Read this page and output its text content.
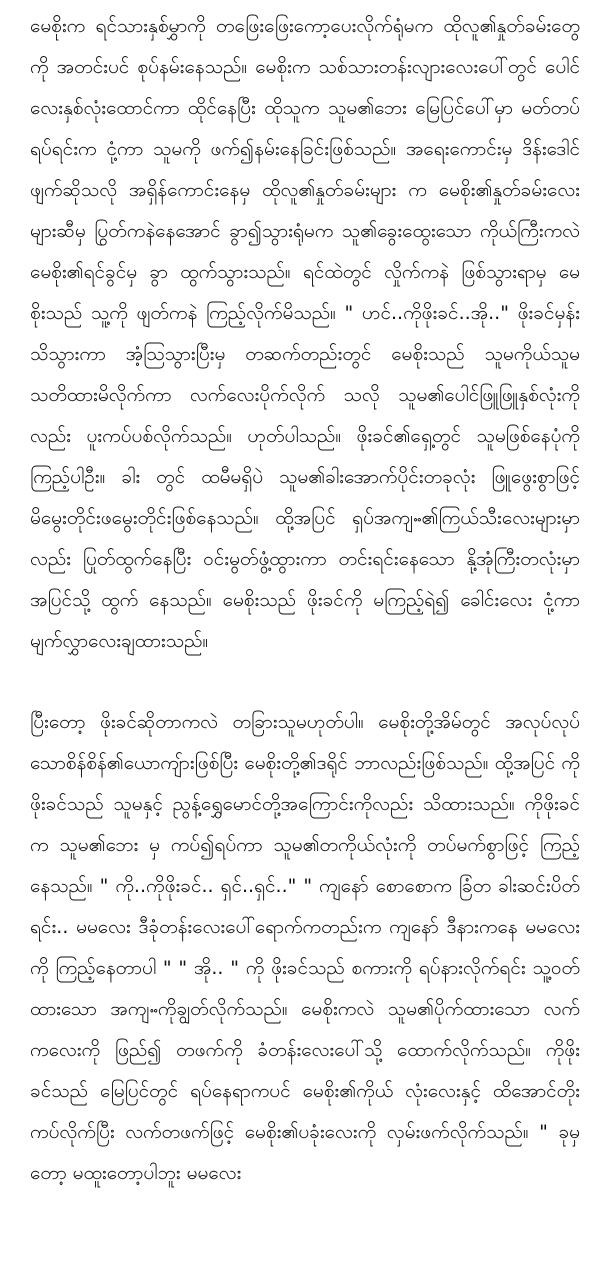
မေစိုးက ရင်သားနှစ်မွှာကို တဖြေးဖြေးကော့ပေးလိုက်ရုံမက ထိုလူ၏နှုတ်ခမ်းတွေကို အတင်းပင် စုပ်နမ်းနေသည်။ မေစိုးက သစ်သားတန်းလျားလေးပေါ်တွင် ပေါင်လေးနှစ်လုံးထောင်ကာ ထိုင်နေပြီး ထိုသူက သူမ၏ဘေး မြေပြင်ပေါ်မှာ မတ်တပ်ရပ်ရင်းက ငုံ့ကာ သူမကို ဖက်၍နမ်းနေခြင်းဖြစ်သည်။ အရေးကောင်းမှ ဒိန်းဒေါင်ဖျက်ဆိုသလို အရှိန်ကောင်းနေမှ ထိုလူ၏နှုတ်ခမ်းများ က မေစိုး၏နှုတ်ခမ်းလေးများဆီမှ ပြွတ်ကနဲနေအောင် ခွာ၍သွားရုံမက သူ၏ခွေးထွေးသော ကိုယ်ကြီးကလဲ မေစိုး၏ရင်ခွင်မှ ခွာ ထွက်သွားသည်။ ရင်ထဲတွင် လှိုက်ကနဲ ဖြစ်သွားရာမှ မေစိုးသည် သူ့ကို ဖျတ်ကနဲ ကြည့်လိုက်မိသည်။ " ဟင်..ကိုဖိုးခင်..အို.." ဖိုးခင်မှန်းသိသွားကာ အံ့သြသွားပြီးမှ တဆက်တည်းတွင် မေစိုးသည် သူမကိုယ်သူမ သတိထားမိလိုက်ကာ လက်လေးပိုက်လိုက် သလို သူမ၏ပေါင်ဖြူဖြူနှစ်လုံးကိုလည်း ပူးကပ်ပစ်လိုက်သည်။ ဟုတ်ပါသည်။ ဖိုးခင်၏ရှေ့တွင် သူမဖြစ်နေပုံကို ကြည့်ပါဦး။ ခါး တွင် ထမီမရှိပဲ သူမ၏ခါးအောက်ပိုင်းတခုလုံး ဖြူဖွေးစွာဖြင့် မိမွေးတိုင်းဖမွေးတိုင်းဖြစ်နေသည်။ ထို့အပြင် ရှပ်အကျႌ၏ကြယ်သီးလေးများမှာလည်း ပြုတ်ထွက်နေပြီး ဝင်းမွတ်ဖွံ့ထွားကာ တင်းရင်းနေသော နို့အုံကြီးတလုံးမှာ အပြင်သို့ ထွက် နေသည်။ မေစိုးသည် ဖိုးခင်ကို မကြည့်ရဲ၍ ခေါင်းလေး ငုံ့ကာ မျက်လွှာလေးချထားသည်။

ပြီးတော့ ဖိုးခင်ဆိုတာကလဲ တခြားသူမဟုတ်ပါ။ မေစိုးတို့အိမ်တွင် အလုပ်လုပ်သောစိန်စိန်၏ယောကျ်ားဖြစ်ပြီး မေစိုးတို့၏ဒရိုင် ဘာလည်းဖြစ်သည်။ ထို့အပြင် ကိုဖိုးခင်သည် သူမနှင့် ညွန့်ရွှေမောင်တို့အကြောင်းကိုလည်း သိထားသည်။ ကိုဖိုးခင်က သူမ၏ဘေး မှ ကပ်၍ရပ်ကာ သူမ၏တကိုယ်လုံးကို တပ်မက်စွာဖြင့် ကြည့်နေသည်။ " ကို..ကိုဖိုးခင်.. ရှင်..ရှင်.." " ကျနော် စောစောက ခြံတ ခါးဆင်းပိတ်ရင်း.. မမလေး ဒီခုံတန်းလေးပေါ်ရောက်ကတည်းက ကျနော် ဒီနားကနေ မမလေးကို ကြည့်နေတာပါ " " အို.. " ကို ဖိုးခင်သည် စကားကို ရပ်နားလိုက်ရင်း သူ့ဝတ်ထားသော အကျႌကိုချွတ်လိုက်သည်။ မေစိုးကလဲ သူမ၏ပိုက်ထားသော လက် ကလေးကို ဖြည်၍ တဖက်ကို ခံတန်းလေးပေါ်သို့ ထောက်လိုက်သည်။ ကိုဖိုးခင်သည် မြေပြင်တွင် ရပ်နေရာကပင် မေစိုး၏ကိုယ် လုံးလေးနှင့် ထိအောင်တိုးကပ်လိုက်ပြီး လက်တဖက်ဖြင့် မေစိုး၏ပခုံးလေးကို လှမ်းဖက်လိုက်သည်။ " ခုမှတော့ မထူးတော့ပါဘူး မမလေး
